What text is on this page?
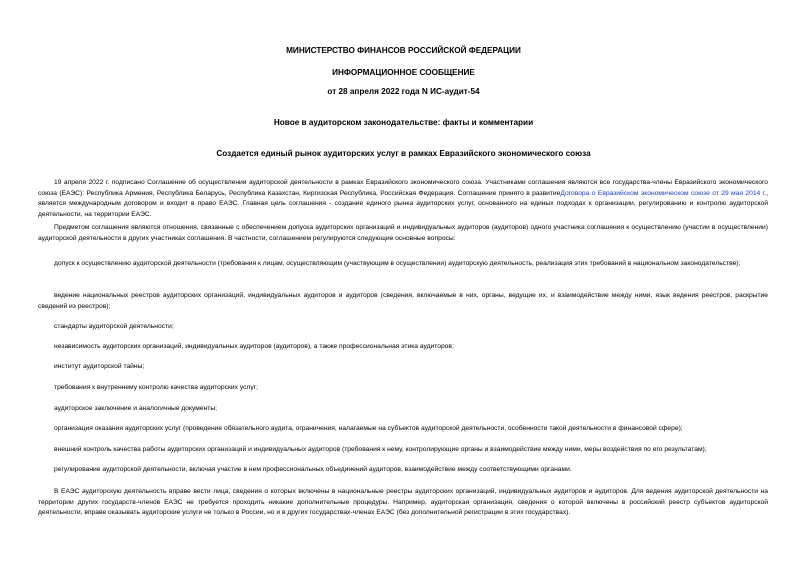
МИНИСТЕРСТВО ФИНАНСОВ РОССИЙСКОЙ ФЕДЕРАЦИИ
ИНФОРМАЦИОННОЕ СООБЩЕНИЕ
от 28 апреля 2022 года N ИС-аудит-54
Новое в аудиторском законодательстве: факты и комментарии
Создается единый рынок аудиторских услуг в рамках Евразийского экономического союза
19 апреля 2022 г. подписано Соглашение об осуществлении аудиторской деятельности в рамках Евразийского экономического союза. Участниками соглашения являются все государства-члены Евразийского экономического союза (ЕАЭС): Республика Армения, Республика Беларусь, Республика Казахстан, Киргизская Республика, Российская Федерация. Соглашение принято в развитиеДоговора о Евразийском экономическом союзе от 29 мая 2014 г., является международным договором и входит в право ЕАЭС. Главная цель соглашения - создание единого рынка аудиторских услуг, основанного на единых подходах к организации, регулированию и контролю аудиторской деятельности, на территории ЕАЭС.
Предметом соглашения являются отношения, связанные с обеспечением допуска аудиторских организаций и индивидуальных аудиторов (аудиторов) одного участника соглашения к осуществлению (участии в осуществлении) аудиторской деятельности в других участниках соглашения. В частности, соглашением регулируются следующие основные вопросы:
допуск к осуществлению аудиторской деятельности (требования к лицам, осуществляющим (участвующим в осуществлении) аудиторскую деятельность, реализация этих требований в национальном законодательстве);
ведение национальных реестров аудиторских организаций, индивидуальных аудиторов и аудиторов (сведения, включаемые в них, органы, ведущие их, и взаимодействие между ними, язык ведения реестров, раскрытие сведений из реестров);
стандарты аудиторской деятельности;
независимость аудиторских организаций, индивидуальных аудиторов (аудиторов), а также профессиональная этика аудиторов;
институт аудиторской тайны;
требования к внутреннему контролю качества аудиторских услуг;
аудиторское заключение и аналогичные документы;
организация оказания аудиторских услуг (проведение обязательного аудита, ограничения, налагаемые на субъектов аудиторской деятельности, особенности такой деятельности в финансовой сфере);
внешний контроль качества работы аудиторских организаций и индивидуальных аудиторов (требования к нему, контролирующие органы и взаимодействие между ними, меры воздействия по его результатам);
регулирование аудиторской деятельности, включая участие в нем профессиональных объединений аудиторов, взаимодействие между соответствующими органами.
В ЕАЭС аудиторскую деятельность вправе вести лица, сведения о которых включены в национальные реестры аудиторских организаций, индивидуальных аудиторов и аудиторов. Для ведения аудиторской деятельности на территории других государств-членов ЕАЭС не требуется проходить никакие дополнительные процедуры. Например, аудиторская организация, сведения о которой включены в российский реестр субъектов аудиторской деятельности, вправе оказывать аудиторские услуги не только в России, но и в других государствах-членах ЕАЭС (без дополнительной регистрации в этих государствах).
